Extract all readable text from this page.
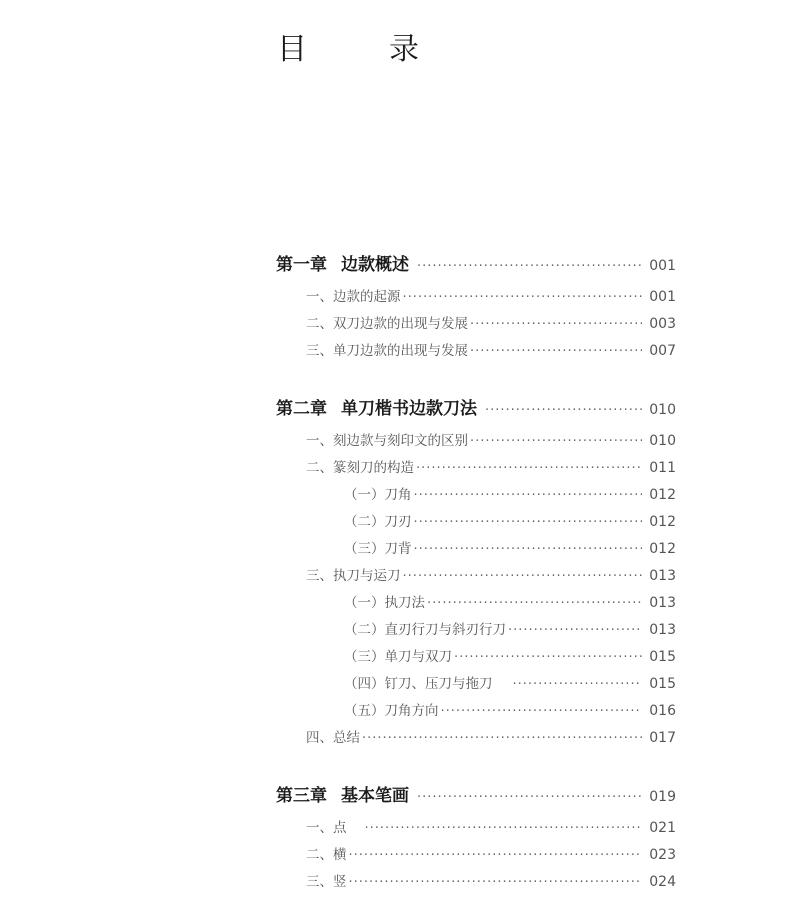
目　录
第一章 边款概述 ·····	001
一、边款的起源 ·····	001
二、双刀边款的出现与发展 ·····	003
三、单刀边款的出现与发展 ·····	007
第二章 单刀楷书边款刀法 ·····	010
一、刻边款与刻印文的区别 ·····	010
二、篆刻刀的构造 ·····	011
（一）刀角 ·····	012
（二）刀刃 ·····	012
（三）刀背 ·····	012
三、执刀与运刀 ·····	013
（一）执刀法 ·····	013
（二）直刃行刀与斜刃行刀 ·····	013
（三）单刀与双刀 ·····	015
（四）钉刀、压刀与拖刀 ·····	015
（五）刀角方向 ·····	016
四、总结 ·····	017
第三章 基本笔画 ·····	019
一、点 ·····	021
二、横 ·····	023
三、竖 ·····	024
